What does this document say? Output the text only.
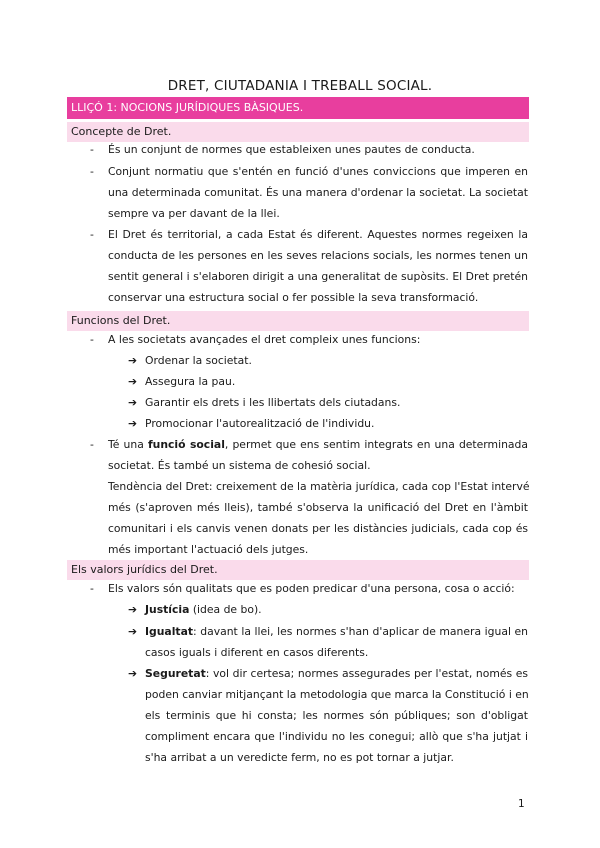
DRET, CIUTADANIA I TREBALL SOCIAL.
LLIÇÓ 1: NOCIONS JURÍDIQUES BÀSIQUES.
Concepte de Dret.
- És un conjunt de normes que estableixen unes pautes de conducta.
- Conjunt normatiu que s'entén en funció d'unes conviccions que imperen en
una determinada comunitat. És una manera d'ordenar la societat. La societat
sempre va per davant de la llei.
- El Dret és territorial, a cada Estat és diferent. Aquestes normes regeixen la
conducta de les persones en les seves relacions socials, les normes tenen un
sentit general i s'elaboren dirigit a una generalitat de supòsits. El Dret pretén
conservar una estructura social o fer possible la seva transformació.
Funcions del Dret.
- A les societats avançades el dret compleix unes funcions:
➔ Ordenar la societat.
➔ Assegura la pau.
➔ Garantir els drets i les llibertats dels ciutadans.
➔ Promocionar l'autorealització de l'individu.
- Té una funció social, permet que ens sentim integrats en una determinada
societat. És també un sistema de cohesió social.
Tendència del Dret: creixement de la matèria jurídica, cada cop l'Estat intervé
més (s'aproven més lleis), també s'observa la unificació del Dret en l'àmbit
comunitari i els canvis venen donats per les distàncies judicials, cada cop és
més important l'actuació dels jutges.
Els valors jurídics del Dret.
- Els valors són qualitats que es poden predicar d'una persona, cosa o acció:
➔ Justícia (idea de bo).
➔ Igualtat: davant la llei, les normes s'han d'aplicar de manera igual en
casos iguals i diferent en casos diferents.
➔ Seguretat: vol dir certesa; normes assegurades per l'estat, només es
poden canviar mitjançant la metodologia que marca la Constitució i en
els terminis que hi consta; les normes són públiques; son d'obligat
compliment encara que l'individu no les conegui; allò que s'ha jutjat i
s'ha arribat a un veredicte ferm, no es pot tornar a jutjar.
1
